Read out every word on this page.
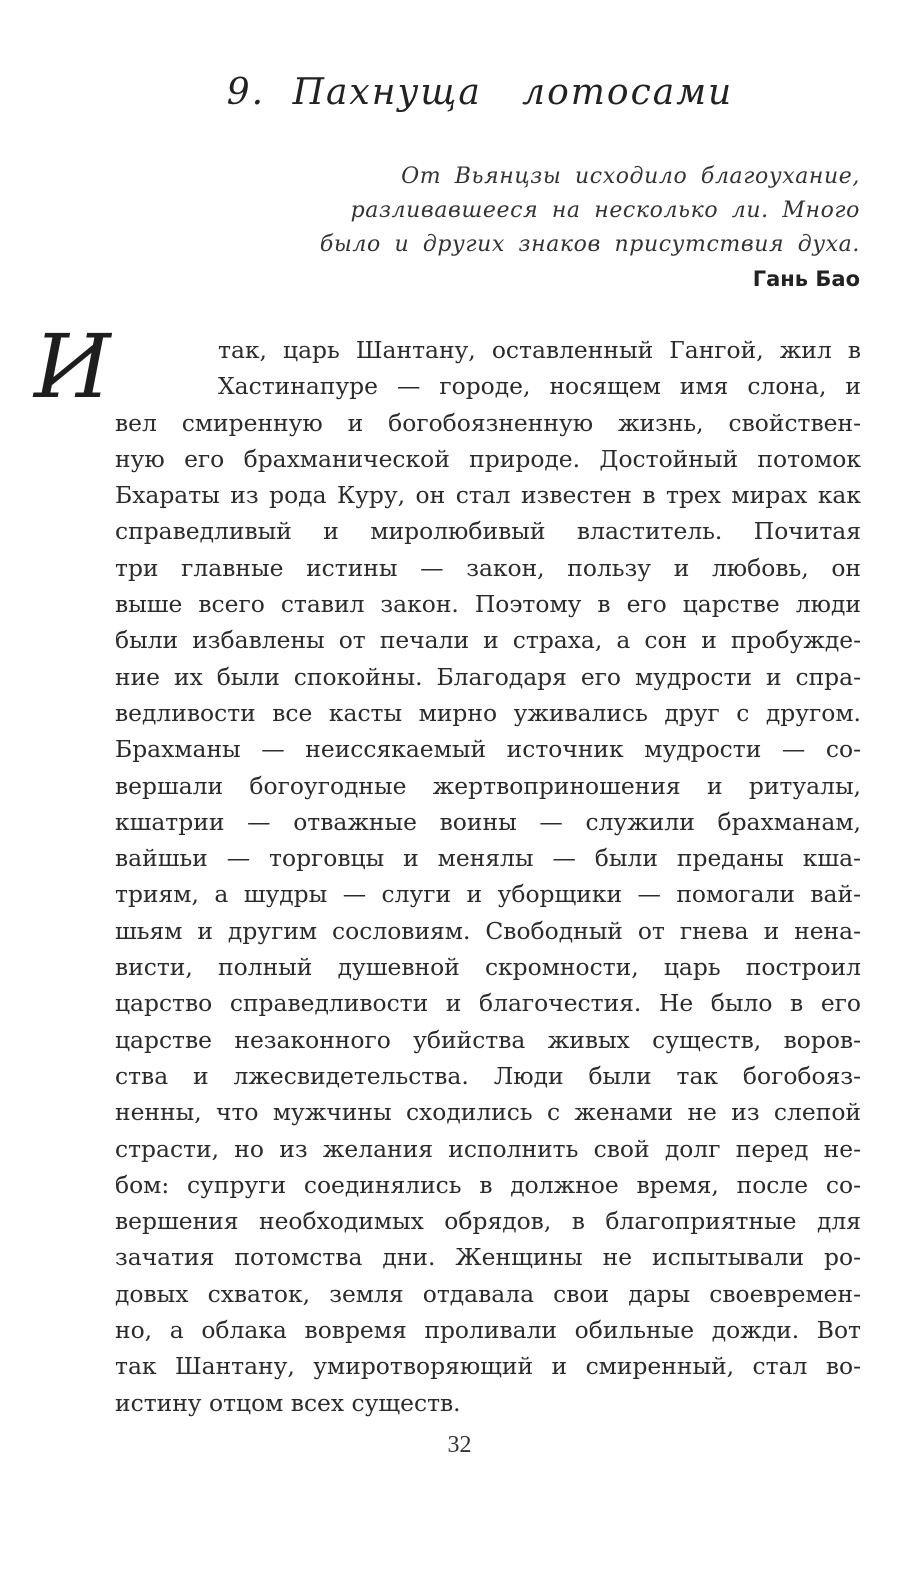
9. Пахнуща   лотосами
От Вьянцзы исходило благоухание,
разливавшееся на несколько ли. Много
было и других знаков присутствия духа.
Гань Бао
И	так, царь Шантану, оставленный Гангой, жил в
Хастинапуре — городе, носящем имя слона, и
вел смиренную и богобоязненную жизнь, свойствен-
ную его брахманической природе. Достойный потомок
Бхараты из рода Куру, он стал известен в трех мирах как
справедливый и миролюбивый властитель. Почитая
три главные истины — закон, пользу и любовь, он
выше всего ставил закон. Поэтому в его царстве люди
были избавлены от печали и страха, а сон и пробужде-
ние их были спокойны. Благодаря его мудрости и спра-
ведливости все касты мирно уживались друг с другом.
Брахманы — неиссякаемый источник мудрости — со-
вершали богоугодные жертвоприношения и ритуалы,
кшатрии — отважные воины — служили брахманам,
вайшьи — торговцы и менялы — были преданы кша-
триям, а шудры — слуги и уборщики — помогали вай-
шьям и другим сословиям. Свободный от гнева и нена-
висти, полный душевной скромности, царь построил
царство справедливости и благочестия. Не было в его
царстве незаконного убийства живых существ, воров-
ства и лжесвидетельства. Люди были так богобояз-
ненны, что мужчины сходились с женами не из слепой
страсти, но из желания исполнить свой долг перед не-
бом: супруги соединялись в должное время, после со-
вершения необходимых обрядов, в благоприятные для
зачатия потомства дни. Женщины не испытывали ро-
довых схваток, земля отдавала свои дары своевремен-
но, а облака вовремя проливали обильные дожди. Вот
так Шантану, умиротворяющий и смиренный, стал во-
истину отцом всех существ.
32
